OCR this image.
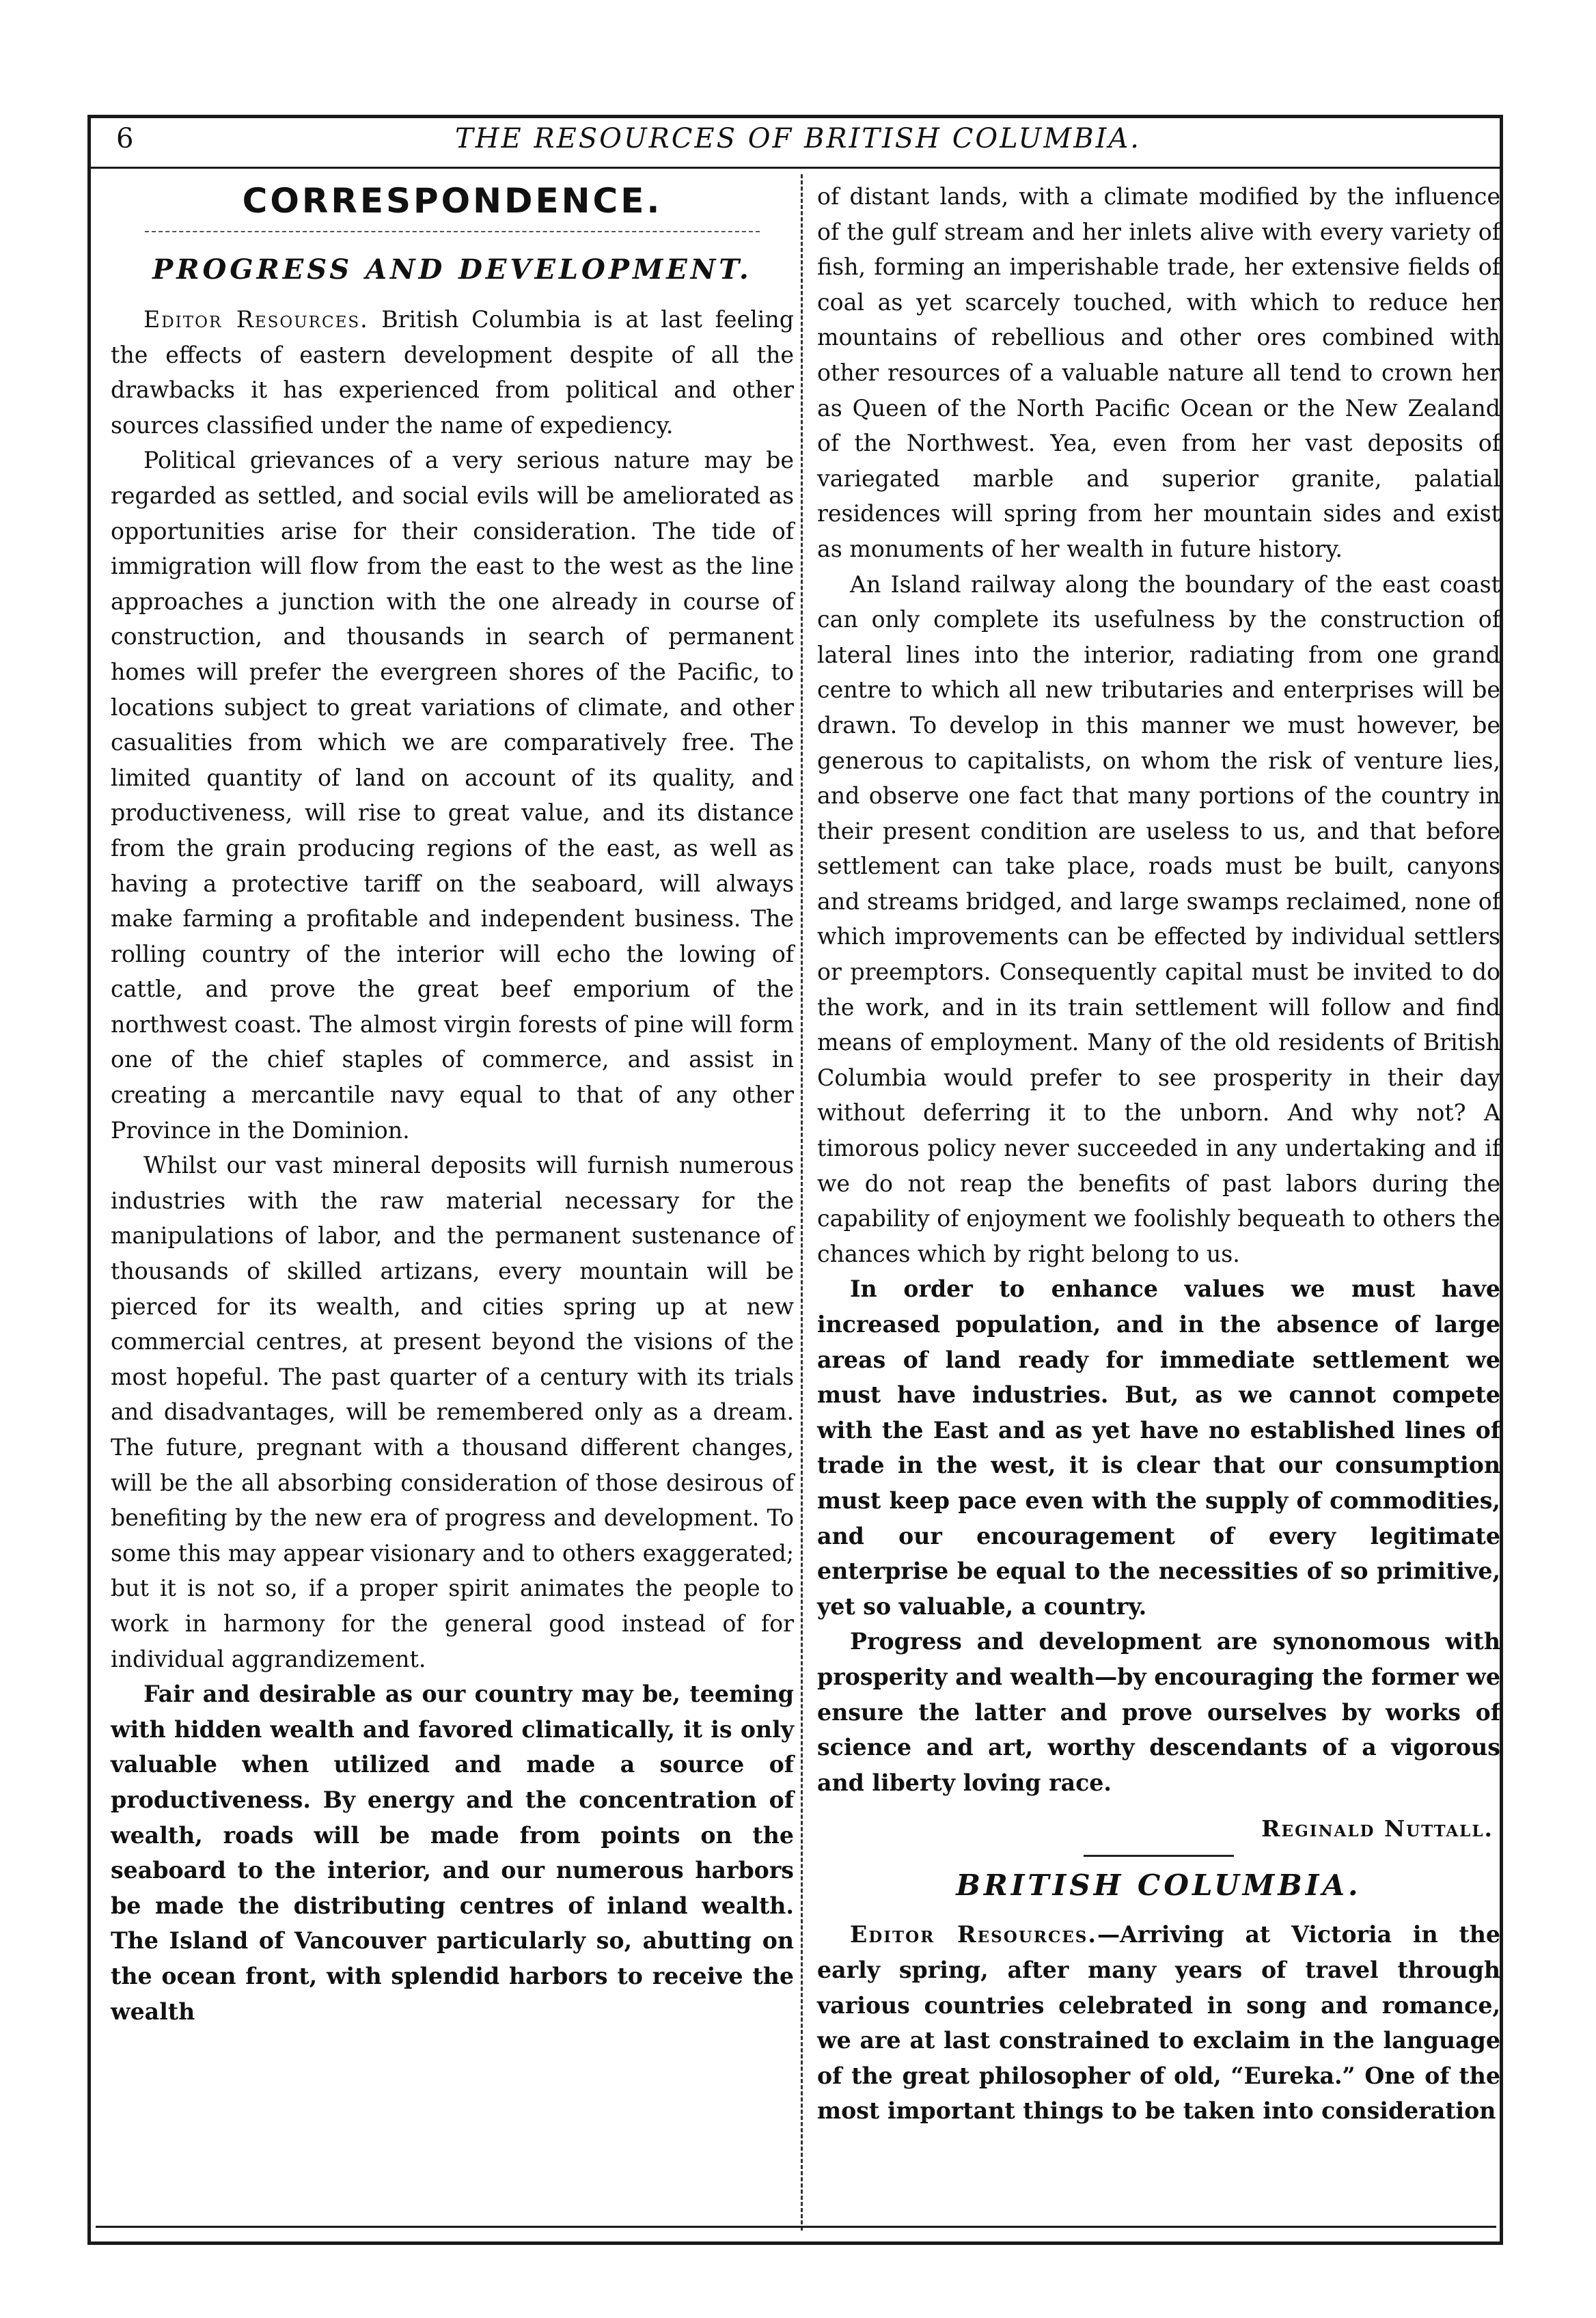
6	THE RESOURCES OF BRITISH COLUMBIA.
CORRESPONDENCE.
PROGRESS AND DEVELOPMENT.

Editor Resources. British Columbia is at last feeling the effects of eastern development despite of all the drawbacks it has experienced from political and other sources classified under the name of expediency.

Political grievances of a very serious nature may be regarded as settled, and social evils will be ameliorated as opportunities arise for their consideration. The tide of immigration will flow from the east to the west as the line approaches a junction with the one already in course of construction, and thousands in search of permanent homes will prefer the evergreen shores of the Pacific, to locations subject to great variations of climate, and other casualities from which we are comparatively free. The limited quantity of land on account of its quality, and productiveness, will rise to great value, and its distance from the grain producing regions of the east, as well as having a protective tariff on the seaboard, will always make farming a profitable and independent business. The rolling country of the interior will echo the lowing of cattle, and prove the great beef emporium of the northwest coast. The almost virgin forests of pine will form one of the chief staples of commerce, and assist in creating a mercantile navy equal to that of any other Province in the Dominion.

Whilst our vast mineral deposits will furnish numerous industries with the raw material necessary for the manipulations of labor, and the permanent sustenance of thousands of skilled artizans, every mountain will be pierced for its wealth, and cities spring up at new commercial centres, at present beyond the visions of the most hopeful. The past quarter of a century with its trials and disadvantages, will be remembered only as a dream. The future, pregnant with a thousand different changes, will be the all absorbing consideration of those desirous of benefiting by the new era of progress and development. To some this may appear visionary and to others exaggerated; but it is not so, if a proper spirit animates the people to work in harmony for the general good instead of for individual aggrandizement.

Fair and desirable as our country may be, teeming with hidden wealth and favored climatically, it is only valuable when utilized and made a source of productiveness. By energy and the concentration of wealth, roads will be made from points on the seaboard to the interior, and our numerous harbors be made the distributing centres of inland wealth. The Island of Vancouver particularly so, abutting on the ocean front, with splendid harbors to receive the wealth

of distant lands, with a climate modified by the influence of the gulf stream and her inlets alive with every variety of fish, forming an imperishable trade, her extensive fields of coal as yet scarcely touched, with which to reduce her mountains of rebellious and other ores combined with other resources of a valuable nature all tend to crown her as Queen of the North Pacific Ocean or the New Zealand of the Northwest. Yea, even from her vast deposits of variegated marble and superior granite, palatial residences will spring from her mountain sides and exist as monuments of her wealth in future history.

An Island railway along the boundary of the east coast can only complete its usefulness by the construction of lateral lines into the interior, radiating from one grand centre to which all new tributaries and enterprises will be drawn. To develop in this manner we must however, be generous to capitalists, on whom the risk of venture lies, and observe one fact that many portions of the country in their present condition are useless to us, and that before settlement can take place, roads must be built, canyons and streams bridged, and large swamps reclaimed, none of which improvements can be effected by individual settlers or preemptors. Consequently capital must be invited to do the work, and in its train settlement will follow and find means of employment. Many of the old residents of British Columbia would prefer to see prosperity in their day without deferring it to the unborn. And why not? A timorous policy never succeeded in any undertaking and if we do not reap the benefits of past labors during the capability of enjoyment we foolishly bequeath to others the chances which by right belong to us.

In order to enhance values we must have increased population, and in the absence of large areas of land ready for immediate settlement we must have industries. But, as we cannot compete with the East and as yet have no established lines of trade in the west, it is clear that our consumption must keep pace even with the supply of commodities, and our encouragement of every legitimate enterprise be equal to the necessities of so primitive, yet so valuable, a country.

Progress and development are synonomous with prosperity and wealth—by encouraging the former we ensure the latter and prove ourselves by works of science and art, worthy descendants of a vigorous and liberty loving race.

Reginald Nuttall.
BRITISH COLUMBIA.

Editor Resources.—Arriving at Victoria in the early spring, after many years of travel through various countries celebrated in song and romance, we are at last constrained to exclaim in the language of the great philosopher of old, “Eureka.” One of the most important things to be taken into consideration
